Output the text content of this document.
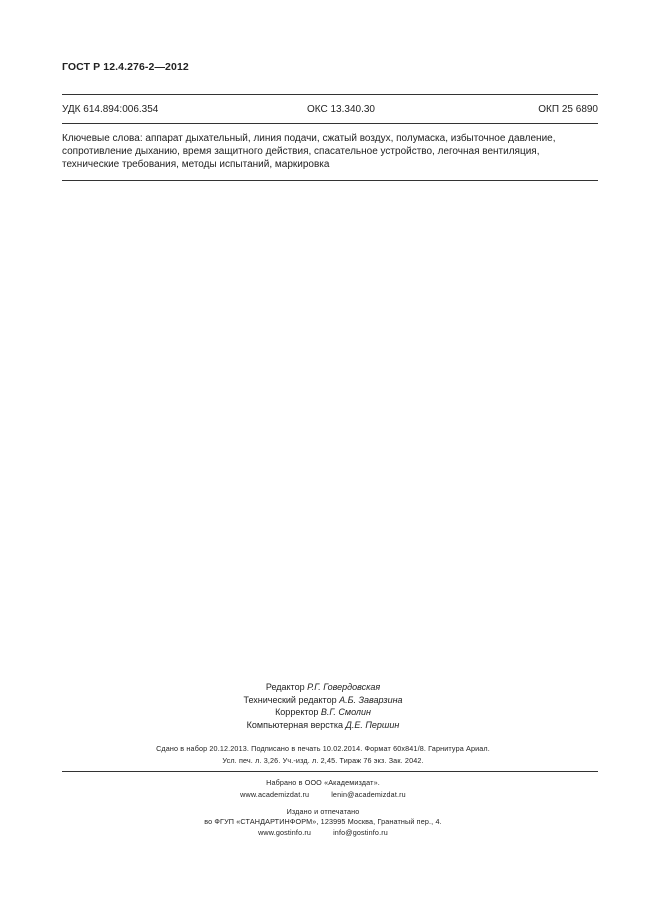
ГОСТ Р 12.4.276-2—2012
УДК 614.894:006.354	ОКС 13.340.30	ОКП 25 6890
Ключевые слова: аппарат дыхательный, линия подачи, сжатый воздух, полумаска, избыточное давление,
сопротивление дыханию, время защитного действия, спасательное устройство, легочная вентиляция,
технические требования, методы испытаний, маркировка
Редактор Р.Г. Говердовская
Технический редактор А.Б. Заварзина
Корректор В.Г. Смолин
Компьютерная верстка Д.Е. Першин
Сдано в набор 20.12.2013. Подписано в печать 10.02.2014. Формат 60x841/8. Гарнитура Ариал.
Усл. печ. л. 3,26. Уч.-изд. л. 2,45. Тираж 76 экз. Зак. 2042.
Набрано в ООО «Академиздат».
www.academizdat.ru	lenin@academizdat.ru
Издано и отпечатано
во ФГУП «СТАНДАРТИНФОРМ», 123995 Москва, Гранатный пер., 4.
www.gostinfo.ru	info@gostinfo.ru
